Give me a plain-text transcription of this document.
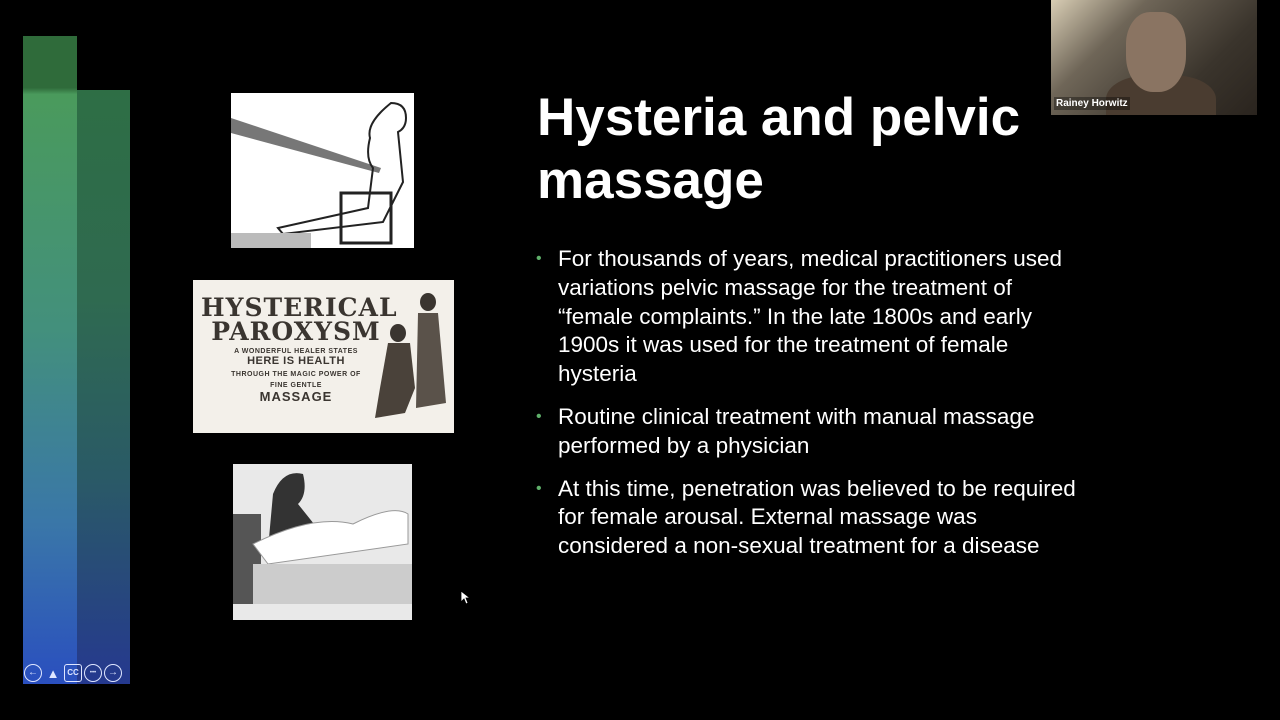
← ▲ CC ••• →
HYSTERICAL
PAROXYSM
A WONDERFUL HEALER STATES
HERE IS HEALTH
THROUGH THE MAGIC POWER OF
FINE GENTLE
MASSAGE
Hysteria and pelvic massage
• For thousands of years, medical practitioners used variations pelvic massage for the treatment of “female complaints.” In the late 1800s and early 1900s it was used for the treatment of female hysteria
• Routine clinical treatment with manual massage performed by a physician
• At this time, penetration was believed to be required for female arousal. External massage was considered a non-sexual treatment for a disease
Rainey Horwitz
